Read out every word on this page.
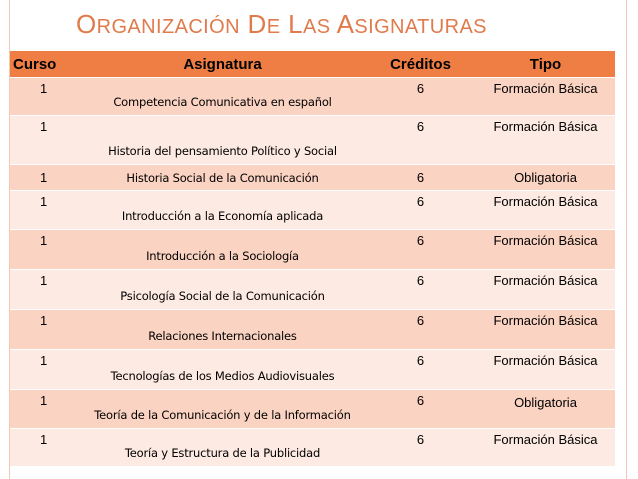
ORGANIZACIÓN DE LAS ASIGNATURAS
Curso	Asignatura	Créditos	Tipo
1	Competencia Comunicativa en español	6	Formación Básica
1	Historia del pensamiento Político y Social	6	Formación Básica
1	Historia Social de la Comunicación	6	Obligatoria
1	Introducción a la Economía aplicada	6	Formación Básica
1	Introducción a la Sociología	6	Formación Básica
1	Psicología Social de la Comunicación	6	Formación Básica
1	Relaciones Internacionales	6	Formación Básica
1	Tecnologías de los Medios Audiovisuales	6	Formación Básica
1	Teoría de la Comunicación y de la Información	6	Obligatoria
1	Teoría y Estructura de la Publicidad	6	Formación Básica
